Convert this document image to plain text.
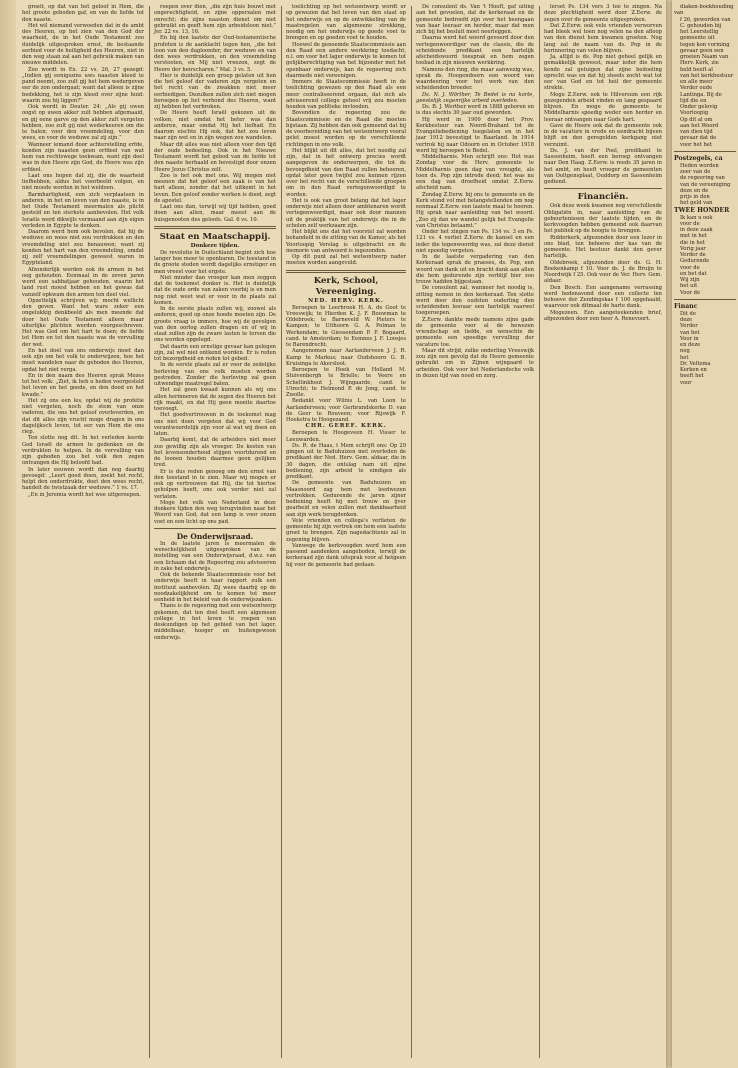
groeit, op dat van het geloof in Hem, die het groote geboden gaf, en van de liefde tot den naaste.

Het wil niemand verwoeden dat in de ambt des Heeren, op het zien van den God der waarheid, de in het Oude Testament zoo duidelijk uitgesproken ernst, de bestaande eerbied voor de heiligheid des Heeren, niet in den weg staan zal aan het gebruik maken van nieuwe middelen.

Zoo wordt in Ex. 22 vs. 26, 27 gezegd: „Indien gij eenigszins uws naasten kleed te pand neemt, zoo zult gij het hem wedergeven eer de zon ondergaat; want dat alleen is zijne bedekking, het is zijn kleed over zijne huid: waarin zou hij liggen?”

Ook wordt in Deuter. 24: „Als gij uwen oogst op uwen akker zult hebben afgemaaid, en gij eene garve op den akker zult vergeten hebben, zoo zult gij niet wederkeeren om die te halen; voor den vreemdeling, voor den wees, en voor de weduwe zal zij zijn.”

Wanneer iemand door achterstelling erfde, kenden zijn naasten geen erfdeel van wat hem van rechtswege toekwam, want zijn deel was in den Heere zijn God, de Heere was zijn erfdeel.

Laat ons hopen dat zij, die de waarheid liefhebben, aldus het voorbeeld volgen, en niet moede worden in het weldoen.

Barmhartigheid, een zich verplaatsen in anderen, in het en leven van den naaste, is in het Oude Testament meermalen als plicht gesteld en ten sterkste aanbevolen. Het volk Israëls werd dikwijls vermaand aan zijn eigen verleden in Egypte te denken.

Daarom werd hem ook bevolen, dat hij de weduwe en wees niet zou verdrukken en den vreemdeling niet zou benauwen; want zij kenden het hart van den vreemdeling, omdat zij zelf vreemdelingen geweest waren in Egypteland.

Afzonderlijk werden ook de armen in het oog gehouden. Eenmaal in de zeven jaren werd een sabbatjaar gehouden, waarin het land rust moest hebben en het gewas dat vanzelf opkwam den armen ten deel viel.

Opzettelijk schrijven wij: mocht wellicht den geven. Want het ware zeker een ongelukkig denkbeeld als men meende dat door het Oude Testament alleen maar uiterlijke plichten werden voorgeschreven. Het was God om het hart te doen; de liefde tot Hem en tot den naaste was de vervulling der wet.

En het doel van ons onderwijs moet dan ook zijn om het volk te onderwijzen, hoe het moet wandelen naar de geboden des Heeren, opdat het niet verga.

En in den naam des Heeren sprak Mozes tot het volk: „Ziet, ik heb u heden voorgesteld het leven en het goede, en den dood en het kwade.”

Het zij ons een les, opdat wij de profetie niet vergeten, noch de stem van onze vaderen, die ons het geloof overleverden, en dat dit alles zijn vrucht moge dragen in ons dagelijksch leven, tot eer van Hem die ons riep.

Ten slotte nog dit. In het verleden leerde God Israël de armen te gedenken en de verdrukten te helpen. In de vervulling van zijn geboden zou het volk den zegen ontvangen die Hij beloofd had.

In later eeuwen wordt dan nog daarbij gevoegd: „Leert goed doen, zoekt het recht, helpt den onderdrukte, doet den wees recht, handelt de twistzaak der weduwe.” 1 vs. 17.

„En in Jeremia wordt het wee uitgeroepen.

roepen over dien, „die zijn huis bouwt met ongerechtigheid, en zijne opperzalen met onrecht; die zijns naasten dienst om niet gebruikt en geeft hem zijn arbeidsloon niet.” Jer. 22 vs. 13, 16.

En bij den laatste der Oud-testamentische profeten is de aanklacht tegen hen, „die het loon van den dagloonder, der weduwe en van den wees verdrukken, en den vreemdeling verstooten, en Mij niet vreezen, zegt de Heere der heirscharen.” Mal. 3 vs. 5.

Hier is duidelijk een groep gelaten uit hen die het geloof der vaderen zijn vergeten en het recht van de zwakken niet meer eerbiedigen. Dezulken zullen zich niet mogen beroepen op het verbond des Heeren, want zij hebben het verbroken.

De Heere heeft Israël gekozen uit de volken, niet omdat het beter was dan anderen, maar omdat Hij het liefhad. En daarom eischte Hij ook, dat het zou leven naar zijn wet en in zijn wegen zou wandelen.

Maar dit alles was niet alleen voor den tijd der oude bedeeling. Ook in het Nieuwe Testament wordt het gebod van de liefde tot den naaste herhaald en bevestigd door onzen Heere Jezus Christus zelf.

Zoo is het ook met ons. Wij mogen niet meenen dat het geloof een zaak is van het hart alleen, zonder dat het uitkomt in het leven. Een geloof zonder werken is dood, zegt de apostel.

Laat ons dan, terwijl wij tijd hebben, goed doen aan allen, maar meest aan de huisgenooten des geloofs. Gal. 6 vs. 10.

Staat en Maatschappij.

Donkere tijden.

De revolutie in Duitschland begint zich hoe langer hoe meer te openbaren. De toestand in de groote steden wordt dagelijks ernstiger en men vreest voor het ergste.

Niet minder dan vroeger kan men zeggen dat de toekomst donker is. Het is duidelijk dat de oude orde van zaken voorbij is en men nog niet weet wat er voor in de plaats zal komen.

In de eerste plaats zullen wij, zoowel als anderen, goed op onze hoede moeten zijn. De groote vraag is immers, hoe wij de gevolgen van den oorlog zullen dragen en of wij in staat zullen zijn de zware lasten te torsen die ons worden opgelegd.

Dat daarin een ernstige gevaar kan gelegen zijn, zal wel niet ontkend worden. Er is reden tot bezorgdheid en reden tot gebed.

In de eerste plaats zal er voor de zedelijke herleving van ons volk moeten worden gestreden. Zonder die herleving zal geen uitwendige maatregel baten.

Het zal geen kwaad kunnen als wij ons allen herinneren dat de zegen des Heeren het rijk maakt, en dat Hij geen moeite daartoe toevoegt.

Het goedvertrouwen in de toekomst mag ons niet doen vergeten dat wij voor God verantwoordelijk zijn voor al wat wij doen en laten.

Daarbij komt, dat de arbeiders niet meer zoo gewillig zijn als vroeger. De kosten van het levensonderhoud stijgen voortdurend en de loonen houden daarmee geen gelijken tred.

Er is dus reden genoeg om den ernst van den toestand in te zien. Maar wij mogen er ook op vertrouwen dat Hij, die tot hiertoe geholpen heeft, ons ook verder niet zal verlaten.

Moge het volk van Nederland in deze donkere tijden den weg terugvinden naar het Woord van God, dat een lamp is voor onzen voet en een licht op ons pad.

De Onderwijsraad.

In de laatste jaren is meermalen de wenschelijkheid uitgesproken van de instelling van een Onderwijsraad, d.w.z. van een lichaam dat de Regeering zou adviseeren in zake het onderwijs.

Ook de bekende Staatscommissie voor het onderwijs heeft in haar rapport zulk een instituut aanbevolen. Zij wees daarbij op de noodzakelijkheid om te komen tot meer eenheid in het beleid van de onderwijszaken.

Thans is de regeering met een wetsontwerp gekomen, dat ten doel heeft een algemeen college in het leven te roepen van deskundigen op het gebied van het lager, middelbaar, hooger en buitengewoon onderwijs.

toelichting op het wetsontwerp wordt er op gewezen dat het leven van den staat op het onderwijs en op de ontwikkeling van de maatregelen van algemeene strekking, noodig om het onderwijs op goede voet te brengen en op goeden voet te houden.

Hoewel de genoemde Staatscommissie aan den Raad een andere werkkring toedacht, n.l. om voor het lager onderwijs te komen tot gelijkberechtiging van het bijzonder met het openbaar onderwijs, kan de regeering zich daarmede niet vereenigen.

Immers de Staatscommissie heeft in de toelichting gewezen op den Raad als een meer centraliseerend orgaan, dat zich als adviseerend college geheel vrij zou moeten houden van politieke invloeden.

Bovendien de regeering zou de Staatscommissie en de Raad die moeten bijstaan. Zij hebben dan ook gemeend dat bij de voorbereiding van het wetsontwerp vooral gelet moest worden op de verschillende richtingen in ons volk.

Het blijkt uit dit alles, dat het noodig zal zijn, dat in het ontwerp precies wordt aangegeven de onderwerpen, die tot de bevoegdheid van den Raad zullen behooren, opdat later geen twijfel zou kunnen rijzen over het recht van de verschillende groepen om in den Raad vertegenwoordigd te worden.

Het is ook van groot belang dat het lager onderwijs niet alleen door ambtenaren wordt vertegenwoordigd, maar ook door mannen uit de praktijk van het onderwijs die in de scholen zelf werkzaam zijn.

Het blijkt ons dat het voorstel zal worden behandeld in de zitting van de Kamer, als het Voorloopig Verslag is uitgebracht en de memorie van antwoord is ingezonden.

Op dit punt zal het wetsontwerp nader moeten worden aangevuld.

Kerk, School, Vereeniging.

NED. HERV. KERK.

Beroepen te Leerbroek H. A. de Goot te Vreeswijk; te Hierden K. J. F. Bouwman te Oldebroek; te Barneveld W. Pieters te Kampen; te Uithoorn G. A. Polman te Werkendam; te Giessendam P. F. Bogaard, cand. te Amsterdam; te Eemnes J. F. Loosjes te Barendrecht.

Aangenomen naar Aarlanderveen J. J. R. Kamp te Markus; naar Oudshoorn G. B. Kruisinga te Akersloot.

Beroepen te Hoek van Holland M. Stuivenbergh te Brielle; te Veere en Schellinkhout J. Wijngaarde, cand. te Utrecht; te Helmond P. de Jong, cand. te Zwolle.

Bedankt voor Wilnis L. van Loon te Aarlanderveen; voor Gerbrandskerke D. van de Geer te Rouveen; voor Rijswijk F. Hoekstra te Hoogezand.

CHR. GEREF. KERK.

Beroepen te Hoogeveen H. Visser te Leeuwarden.

Ds. R. de Haas, t Mem schrijft ons: Op 29 gingen uit te Baduhuizen met overleden de predikant der Ned. Herv. Gem. aldaar, die in 30 dagen, die ontslag nam uit zijne bediening, zijn arbeid te eindigen als predikant.

De gemeente van Baduhuizen en Maasnoord zag hem met leedwezen vertrekken. Gedurende de jaren zijner bediening heeft hij met trouw en ijver gearbeid en velen zullen met dankbaarheid aan zijn werk terugdenken.

Vele vrienden en collega's verlieten de gemeente bij zijn vertrek om hem een laatste groet te brengen. Zijn nagedachtenis zal in zegening blijven.

Vanwege de kerkvoogden werd hem een passend aandenken aangeboden, terwijl de kerkeraad zijn dank uitsprak voor al hetgeen hij voor de gemeente had gedaan.

De consulent ds. Van 't Hooft, gaf uiting aan het gevoelen, dat de kerkeraad en de gemeente bedroefd zijn over het heengaan van haar leeraar en herder, maar dat men zich bij het besluit moet neerleggen.

Daarna werd het woord gevoerd door den vertegenwoordiger van de classis, die de scheidende predikant een hartelijk afscheidswoord toesprak en hem zegen toebad in zijn nieuwen werkkring.

Namens den ring, die maar aanwezig was, sprak ds. Hoogendoorn een woord van waardeering voor het werk van den scheidenden broeder.

Ds. N. J. Wörther, Te Bedel is na korte, geestelijk zegenrijke arbeid overleden.

Ds. B. J. Werther werd in 1888 geboren en is dus slechts 30 jaar oud geworden.

Hij werd in 1909 door het Prov. Kerkbestuur van Noord-Brabant tot de Evangeliebediening toegelaten en in het jaar 1912 bevestigd te Baarland. In 1914 vertrok hij naar Odoorn en in October 1918 werd hij beroepen te Bedel.

Middelharnis. Men schrijft ons: Het was Zondag voor de Herv. gemeente te Middelharnis geen dag van vreugde, als toen ds. Pop zijn intrede deed; het was nu een dag van droefheid omdat Z.Eerw. afscheid nam.

Zondag Z.Eerw. bij ons te gemeente en de Kerk stond vol met belangstellenden om nog eenmaal Z.Eerw. een laatste maal te hooren. Hij sprak naar aanleiding van het woord: „Zoo zij dan uw wandel gelijk het Evangelie van Christus betaamt.”

Onder het zingen van Ps. 134 vs. 3 en Ps. 121 vs. 4 verliet Z.Eerw. de kansel en een ieder die tegenwoordig was, zal deze dienst niet spoedig vergeten.

In de laatste vergadering van den Kerkeraad sprak de praeses, ds. Pop, een woord van dank uit en bracht dank aan allen die hem gedurende zijn verblijf hier zoo trouw hadden bijgestaan.

De consulent zal, wanneer het noodig is, zitting nemen in den kerkeraad. Ten slotte werd door den oudsten ouderling den scheidenden leeraar een hartelijk vaarwel toegeroepen.

Z.Eerw. dankte mede namens zijne gade de gemeente voor al de bewezen vriendschap en liefde, en wenschte de gemeente een spoedige vervulling der vacature toe.

Maar dit strijd, zulke onderling Vreeswijk zou zijn een gevolg dat de Heere gemeente gebruikt om in Zijnen wijngaard te arbeiden. Ook voor het Nederlandsche volk in dezen tijd van nood en zorg.

lerset Ps. 134 vers 3 toe te zingen. Na deze plechtigheid werd door Z.Eerw. de zegen over de gemeente uitgesproken.

Dat Z.Eerw. ook vele vrienden verworven had bleek wel toen nog velen na den afloop van den dienst hem kwamen groeten. Nog lang zal de naam van ds. Pop in de herinnering van velen blijven.

Ja, altijd is ds. Pop niet geheel gelijk en gemakkelijk geweest, maar ieder die hem kende zal getuigen dat zijne bedoeling oprecht was en dat hij steeds zocht wat tot eer van God en tot heil der gemeente strekte.

Moge Z.Eerw. ook te Hilversum een rijk gezegenden arbeid vinden en lang gespaard blijven. En moge de gemeente te Middelharnis spoedig weder een herder en leeraar ontvangen naar Gods hart.

Gave de Heere ook dat de gemeente ook in de vacature in vrede en eendracht bijeen blijft en den geregelden kerkgang niet verzuimt.

Ds. J. van der Poel, predikant te Sassenheim, heeft een beroep ontvangen naar Den Haag. Z.Eerw. is reeds 35 jaren in het ambt, en heeft vroeger de gemeenten van Ooltgensplaat, Ouddorp en Sassenheim gediend.

Financiën.

Ook deze week kwamen nog verschillende Obligatiën in, naar aanleiding van de gebeurtenissen der laatste tijden, en de kerkvoogden hebben gemeend ook daarvan het publiek op de hoogte te brengen.

Ridderkerk, afgezonden door een lezer in ons blad, ten behoeve der kas van de gemeente. Het bestuur dankt den gever hartelijk.

Oldebroek, afgezonden door ds. G. H. Boekenkamp f 10. Voor ds. J. de Bruijn te Noordwijk f 25. Ook voor de Ver. Herv. Gem. aldaar.

Den Bosch. Een aangename verrassing werd hedenavond door een collecte ten behoeve der Zendingskas f 100 opgehaald, waarvoor ook ditmaal de harte dank.

Mogezeen. Een aangeteekenden brief, afgezonden door een heer A. Renevoort.

diaken-boekhouding van

f 26, geworden van

C. gehouden bij

het Leerstellig

gemeente uit

tegen kon vorming

gevaar geen een

groeien Naam van

Herv. Kerk, zie

held heeft al

van het kerkbestuur

en alle meer

Verder oude

Lantinga. Bij de

tijd die en

Onder gelovig

Voorloopig

Op dit al om

aan het Woord

van dien tijd

gevaar dat de

voor het het

Postzegels, ca

Heden worden

zeer van de

de regeering van

van de vereeniging

deze en de

prijs in den

het geld van

TWEE HONDER

Ik kan u ook

voor de

in deze zaak

met in het

die in het

Vorig jaar

Verder de

Gedurende

voor de

en het dat

Wij zijn

het uit

Voor de

Financ

Dit de

deze

Verder

van het

Voor in

en deze

nog

het

Dr. Veltema

Kerken en

heeft het

voor
